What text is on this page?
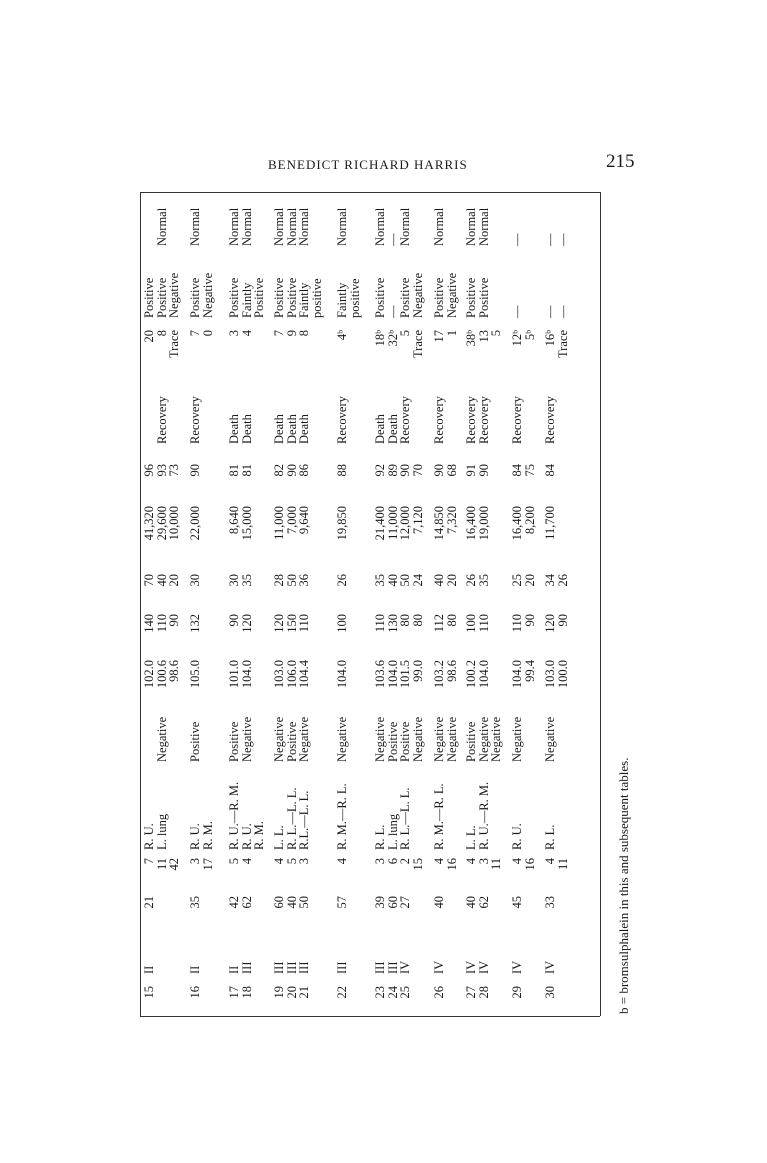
BENEDICT RICHARD HARRIS	215
15
II
21
7
R. U.
102.0
140
70
41,320
96
20
Positive
11
L. lung
Negative
100.6
110
40
29,600
93
Recovery
8
Positive
Normal
42
98.6
90
20
10,000
73
Trace
Negative
16
II
35
3
R. U.
Positive
105.0
132
30
22,000
90
Recovery
7
Positive
Normal
17
R. M.
0
Negative
17
II
42
5
R. U.—R. M.
Positive
101.0
90
30
8,640
81
Death
3
Positive
Normal
18
III
62
4
R. U.
Negative
104.0
120
35
15,000
81
Death
4
Faintly
Normal
R. M.
Positive
19
III
60
4
L. L.
Negative
103.0
120
28
11,000
82
Death
7
Positive
Normal
20
III
40
5
R. L.—L. L.
Positive
106.0
150
50
7,000
90
Death
9
Positive
Normal
21
III
50
3
R.L.—L. L.
Negative
104.4
110
36
9,640
86
Death
8
Faintly
Normal
positive
22
III
57
4
R. M.—R. L.
Negative
104.0
100
26
19,850
88
Recovery
4ᵇ
Faintly
Normal
positive
23
III
39
3
R. L.
Negative
103.6
110
35
21,400
92
Death
18ᵇ
Positive
Normal
24
III
60
6
L. lung
Positive
104.0
130
40
11,000
89
Death
32ᵇ
—
—
25
IV
27
2
R. L.—L. L.
Positive
101.5
80
50
12,000
90
Recovery
5
Positive
Normal
15
Negative
99.0
80
24
7,120
70
Trace
Negative
26
IV
40
4
R. M.—R. L.
Negative
103.2
112
40
14,850
90
Recovery
17
Positive
Normal
16
Negative
98.6
80
20
7,320
68
1
Negative
27
IV
40
4
L. L.
Positive
100.2
100
26
16,400
91
Recovery
38ᵇ
Positive
Normal
28
IV
62
3
R. U.—R. M.
Negative
104.0
110
35
19,000
90
Recovery
13
Positive
Normal
11
Negative
5
29
IV
45
4
R. U.
Negative
104.0
110
25
16,400
84
Recovery
12ᵇ
—
—
16
99.4
90
20
8,200
75
5ᵇ
30
IV
33
4
R. L.
Negative
103.0
120
34
11,700
84
Recovery
16ᵇ
—
—
11
100.0
90
26
Trace
—
—
b = bromsulphalein in this and subsequent tables.
